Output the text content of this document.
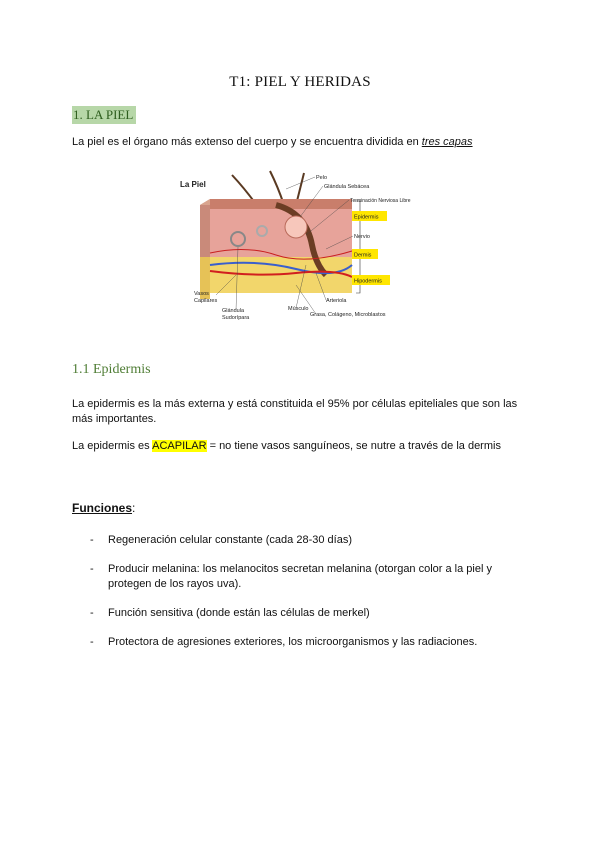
T1: PIEL Y HERIDAS
1. LA PIEL
La piel es el órgano más extenso del cuerpo y se encuentra dividida en tres capas
La Piel
Pelo
Glándula Sebácea
Terminación Nerviosa Libre
Epidermis
Nervio
Dermis
Hipodermis
Vasos
Capilares	Arteriola
Glándula
Sudorípara
Músculo
Grasa, Colágeno, Microblastos
1.1 Epidermis
La epidermis es la más externa y está constituida el 95% por células epiteliales que son las más importantes.
La epidermis es ACAPILAR = no tiene vasos sanguíneos, se nutre a través de la dermis
Funciones:
- Regeneración celular constante (cada 28-30 días)
- Producir melanina: los melanocitos secretan melanina (otorgan color a la piel y protegen de los rayos uva).
- Función sensitiva (donde están las células de merkel)
- Protectora de agresiones exteriores, los microorganismos y las radiaciones.
